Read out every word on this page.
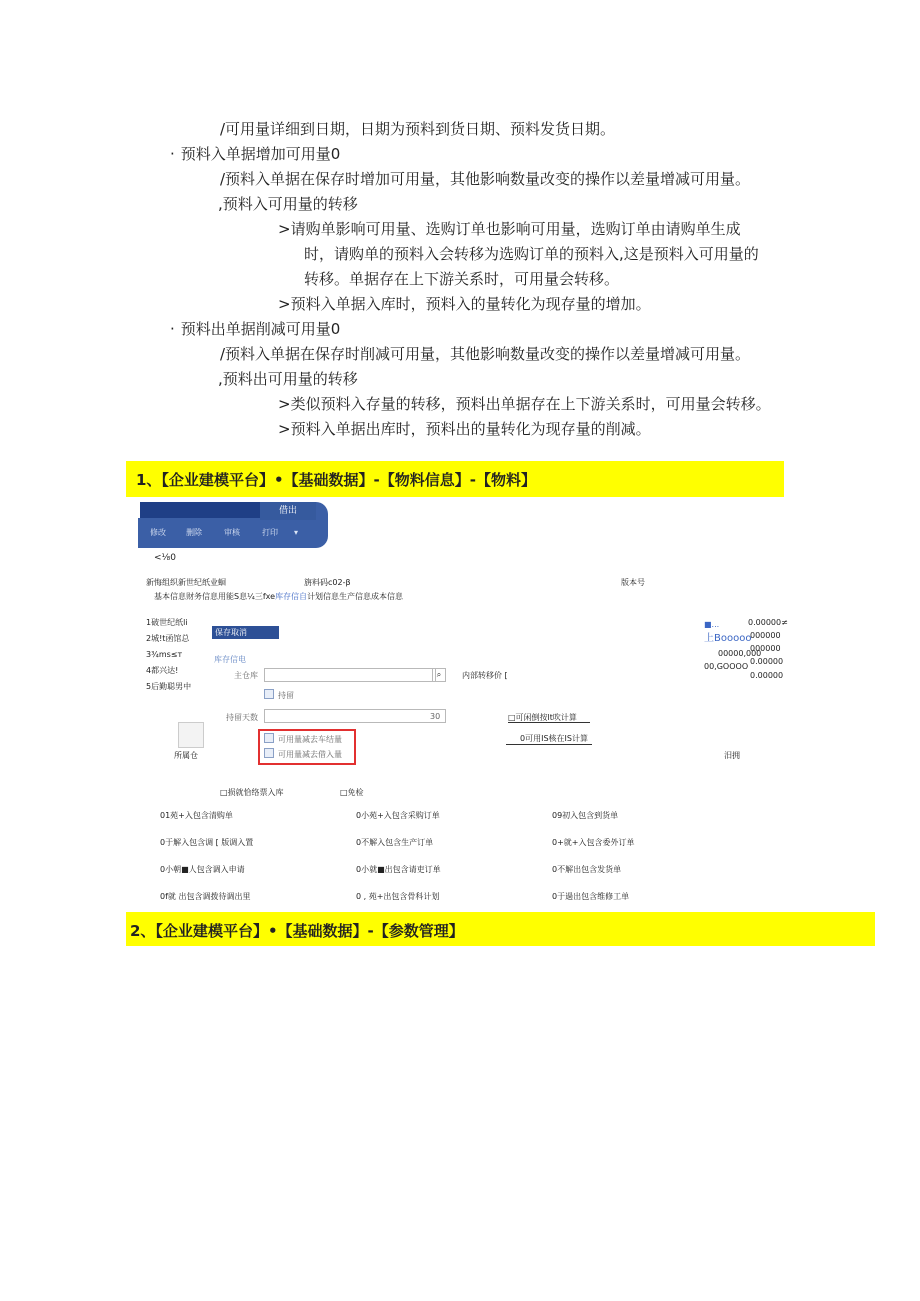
/可用量详细到日期，日期为预料到货日期、预料发货日期。
· 预料入单据增加可用量0
/预料入单据在保存时增加可用量，其他影响数量改变的操作以差量增减可用量。
,预料入可用量的转移
>请购单影响可用量、选购订单也影响可用量，选购订单由请购单生成
时，请购单的预料入会转移为选购订单的预料入,这是预料入可用量的
转移。单据存在上下游关系时，可用量会转移。
>预料入单据入库时，预料入的量转化为现存量的增加。
· 预料出单据削减可用量0
/预料入单据在保存时削减可用量，其他影响数量改变的操作以差量增减可用量。
,预料出可用量的转移
>类似预料入存量的转移，预料出单据存在上下游关系时，可用量会转移。
>预料入单据出库时，预料出的量转化为现存量的削减。
1、【企业建模平台】•【基础数据】-【物料信息】-【物料】
借出
修改	删除	审核	打印 ▾
<⅛0
新悔组织新世纪纸业蛔	旃料码c02-β	版本号
基本信息财务信息用能S息¼三fxe库存信自计划信息生产信息成本信息
1破世纪纸li
2城!t函馆总
3¾ms≤т
4都兴达!
5后勤聪男中
保存取消
库存信电
主仓库	⌕	内部转移价 [
持留
持留天数	30
■...	0.00000≠
上Booooo
000000
00000,000
000000
00,GOOOO
0.00000
0.00000
可用量减去车结量
可用量减去借入量
□可闲倒按lt吹计算
0可用IS核在IS计算
所属仓	汨拥
□损就恰络票入库	□免检
01苑+入包含清购单	0小苑+入包含采购订单	09初入包含到货单
0于解入包含调 [ 版调入置	0不解入包含生产订单	0+就+入包含委外订单
0小朝■人包含调入申请	0小就■出包含请吏订单	0不解出包含发货单
0f就 出包含调拨待调出里	0 , 苑+出包含骨科计划	0于過出包含维修工单
2、【企业建模平台】•【基础数据】-【参数管理】
